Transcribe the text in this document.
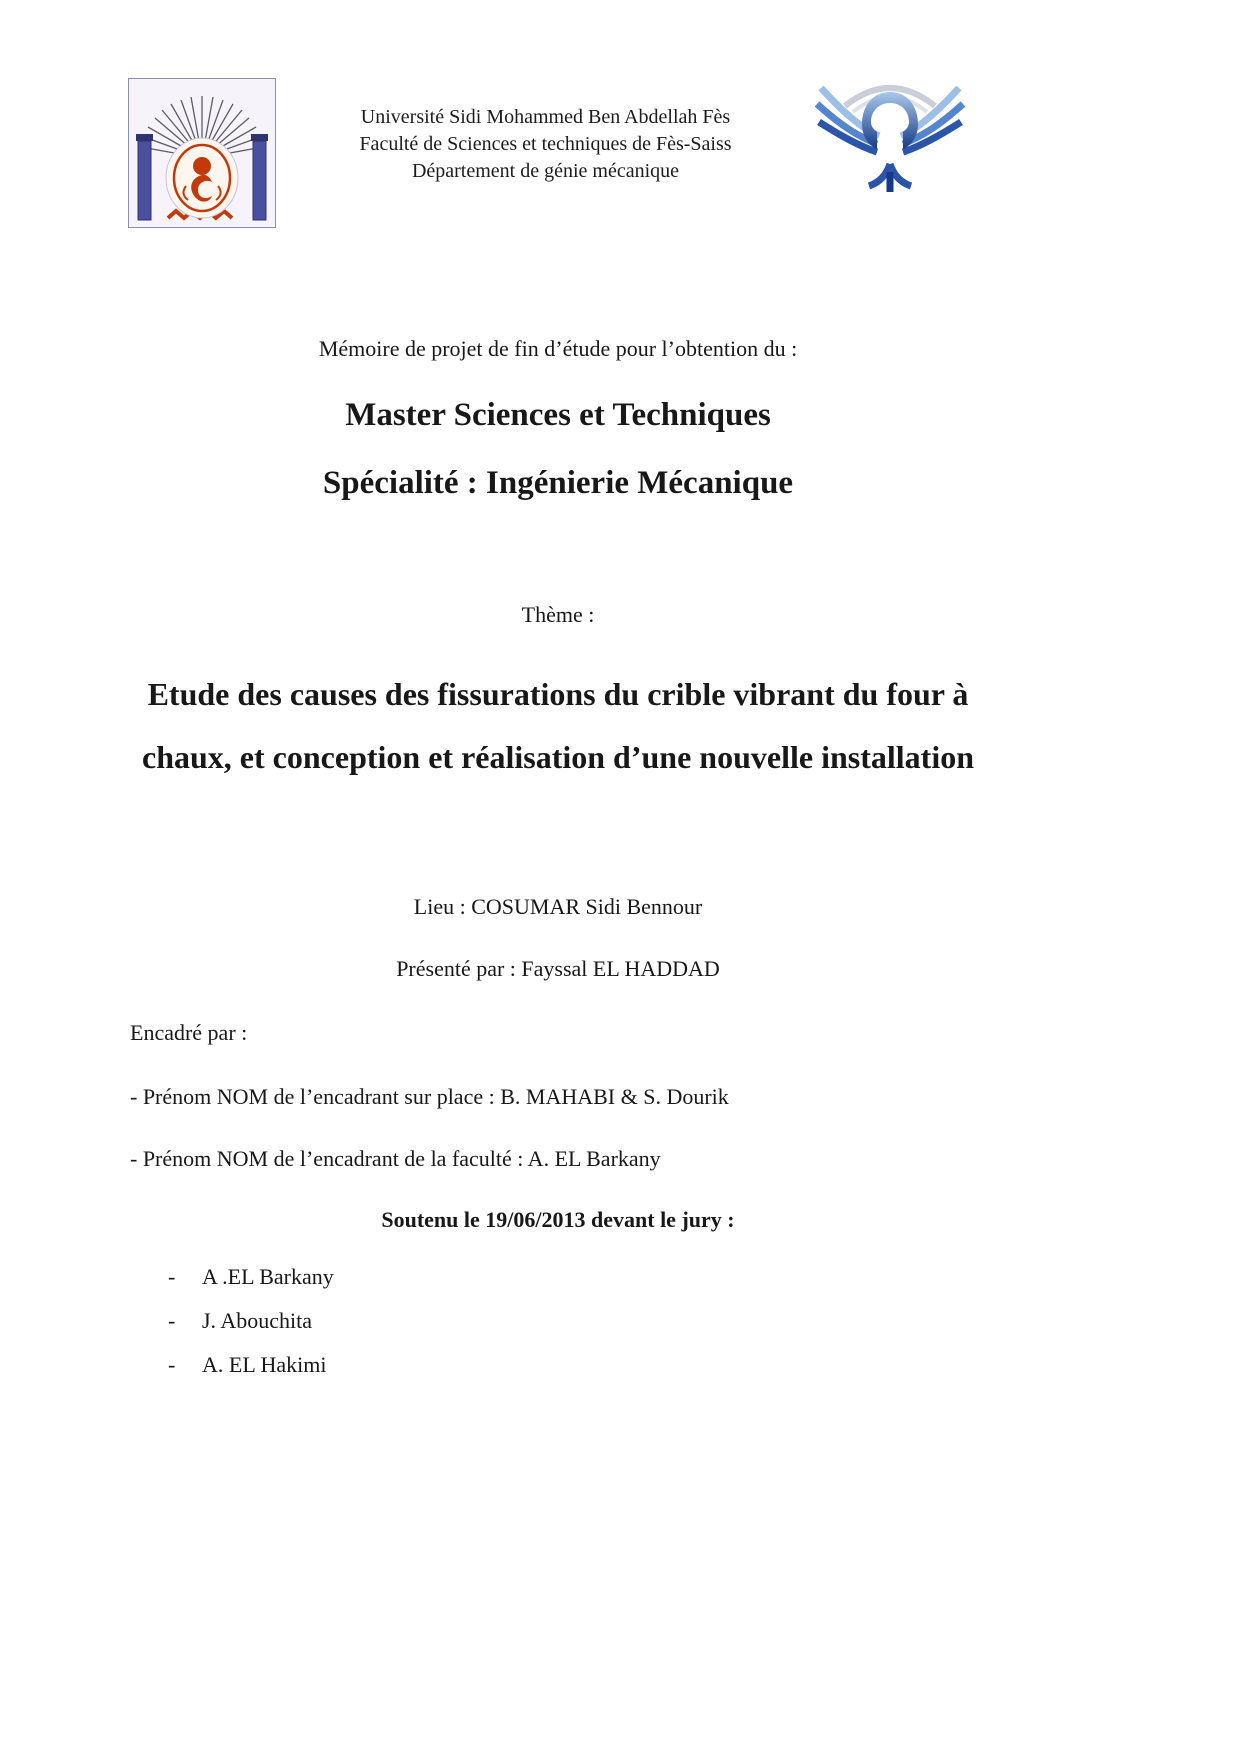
Université Sidi Mohammed Ben Abdellah Fès
Faculté de Sciences et techniques de Fès-Saiss
Département de génie mécanique
Mémoire de projet de fin d’étude pour l’obtention du :
Master Sciences et Techniques
Spécialité : Ingénierie Mécanique
Thème :
Etude des causes des fissurations du crible vibrant du four à chaux, et conception et réalisation d’une nouvelle installation
Lieu : COSUMAR Sidi Bennour
Présenté par : Fayssal EL HADDAD
Encadré par :
- Prénom NOM de l’encadrant sur place : B. MAHABI & S. Dourik
- Prénom NOM de l’encadrant de la faculté : A. EL Barkany
Soutenu le 19/06/2013 devant le jury :
-	A .EL Barkany
-	J. Abouchita
-	A. EL Hakimi
